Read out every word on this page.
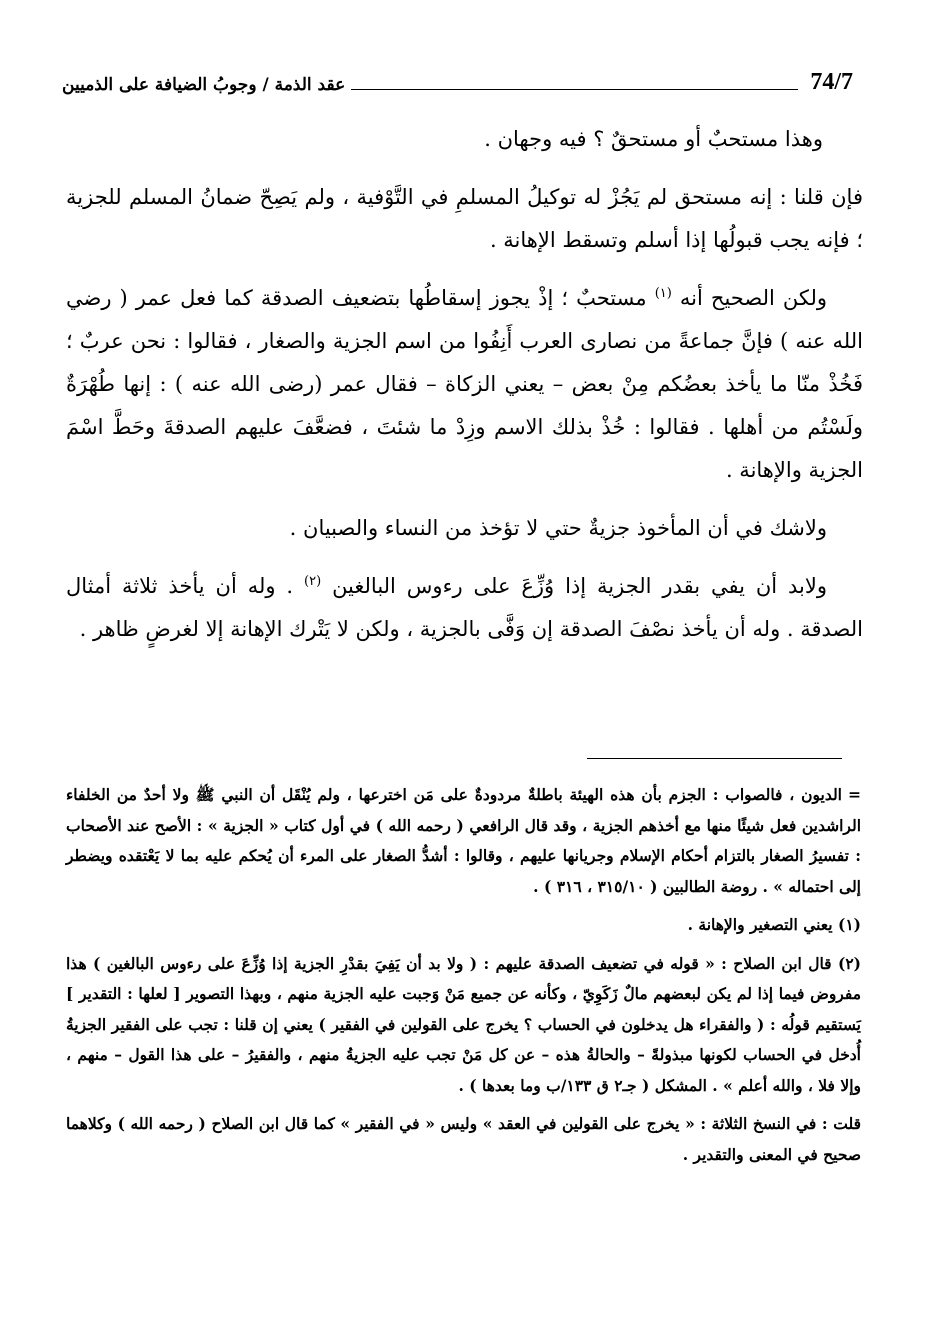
74/7
عقد الذمة / وجوبُ الضيافة على الذميين

وهذا مستحبٌ أو مستحقٌ ؟ فيه وجهان .

فإن قلنا : إنه مستحق لم يَجُزْ له توكيلُ المسلمِ في التَّوْفية ، ولم يَصِحّ ضمانُ المسلم للجزية ؛ فإنه يجب قبولُها إذا أسلم وتسقط الإهانة .

ولكن الصحيح أنه $^{(١)}$ مستحبٌ ؛ إذْ يجوز إسقاطُها بتضعيف الصدقة كما فعل عمر ( رضي الله عنه ) فإنَّ جماعةً من نصارى العرب أَنِفُوا من اسم الجزية والصغار ، فقالوا : نحن عربٌ ؛ فَخُذْ منّا ما يأخذ بعضُكم مِنْ بعض – يعني الزكاة – فقال عمر (رضى الله عنه ) : إنها طُهْرَةٌ ولَسْتُم من أهلها . فقالوا : خُذْ بذلك الاسم وزِدْ ما شئتَ ، فضعَّفَ عليهم الصدقةَ وحَطَّ اسْمَ الجزية والإهانة .

ولاشك في أن المأخوذ جزيةٌ حتي لا تؤخذ من النساء والصبيان .

ولابد أن يفي بقدر الجزية إذا وُزِّعَ على رءوس البالغين $^{(٢)}$ . وله أن يأخذ ثلاثة أمثال الصدقة . وله أن يأخذ نصْفَ الصدقة إن وَفَّى بالجزية ، ولكن لا يَتْرك الإهانة إلا لغرضٍ ظاهر .

=الديون ، فالصواب : الجزم بأن هذه الهيئة باطلةٌ مردودةٌ على مَن اخترعها ، ولم يُنْقَل أن النبي ﷺ ولا أحدٌ من الخلفاء الراشدين فعل شيئًا منها مع أخذهم الجزية ، وقد قال الرافعي ( رحمه الله ) في أول كتاب « الجزية » : الأصح عند الأصحاب : تفسيرُ الصغار بالتزام أحكام الإسلام وجريانها عليهم ، وقالوا : أشدُّ الصغار على المرء أن يُحكم عليه بما لا يَعْتقده ويضطر إلى احتماله » . روضة الطالبين ( ٣١٥/١٠ ، ٣١٦ ) .

(١) يعني التصغير والإهانة .

(٢) قال ابن الصلاح : « قوله في تضعيف الصدقة عليهم : ( ولا بد أن يَفِيَ بقدْرِ الجزية إذا وُزِّعَ على رءوس البالغين ) هذا مفروض فيما إذا لم يكن لبعضهم مالٌ زَكَوِيّ ، وكأنه عن جميع مَنْ وَجبت عليه الجزية منهم ، وبهذا التصوير [ لعلها : التقدير ] يَستقيم قولُه : ( والفقراء هل يدخلون في الحساب ؟ يخرج على القولين في الفقير ) يعني إن قلنا : تجب على الفقير الجزيةُ أُدخل في الحساب لكونها مبذولةً – والحالةُ هذه – عن كل مَنْ تجب عليه الجزيةُ منهم ، والفقيرُ – على هذا القول – منهم ، وإلا فلا ، والله أعلم » . المشكل ( جـ٢ ق ١٣٣/ب وما بعدها ) .

قلت : في النسخ الثلاثة : « يخرج على القولين في العقد » وليس « في الفقير » كما قال ابن الصلاح ( رحمه الله ) وكلاهما صحيح في المعنى والتقدير .
